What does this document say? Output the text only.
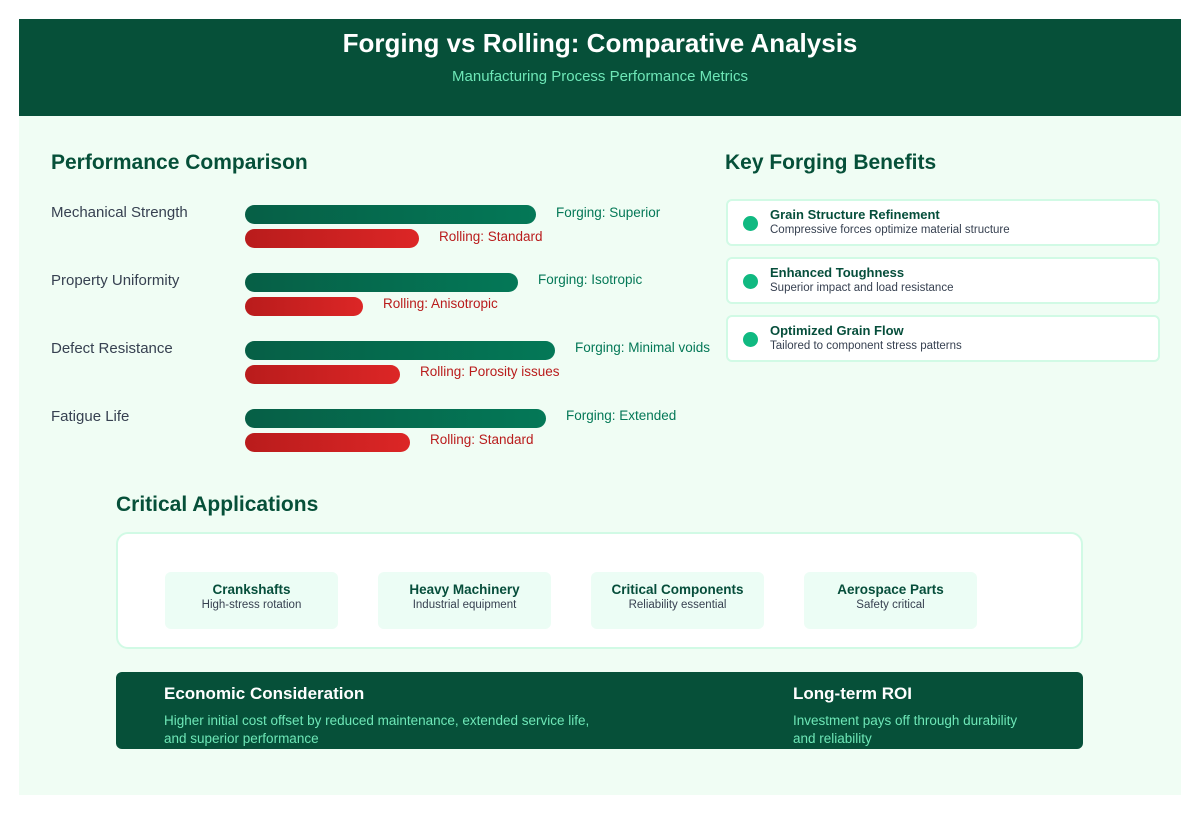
Forging vs Rolling: Comparative Analysis
Manufacturing Process Performance Metrics
Performance Comparison
Mechanical Strength	Forging: Superior
Rolling: Standard
Property Uniformity	Forging: Isotropic
Rolling: Anisotropic
Defect Resistance	Forging: Minimal voids
Rolling: Porosity issues
Fatigue Life	Forging: Extended
Rolling: Standard
Key Forging Benefits
Grain Structure Refinement
Compressive forces optimize material structure
Enhanced Toughness
Superior impact and load resistance
Optimized Grain Flow
Tailored to component stress patterns
Critical Applications
Crankshafts
High-stress rotation
Heavy Machinery
Industrial equipment
Critical Components
Reliability essential
Aerospace Parts
Safety critical
Economic Consideration
Higher initial cost offset by reduced maintenance, extended service life,
and superior performance
Long-term ROI
Investment pays off through durability
and reliability
